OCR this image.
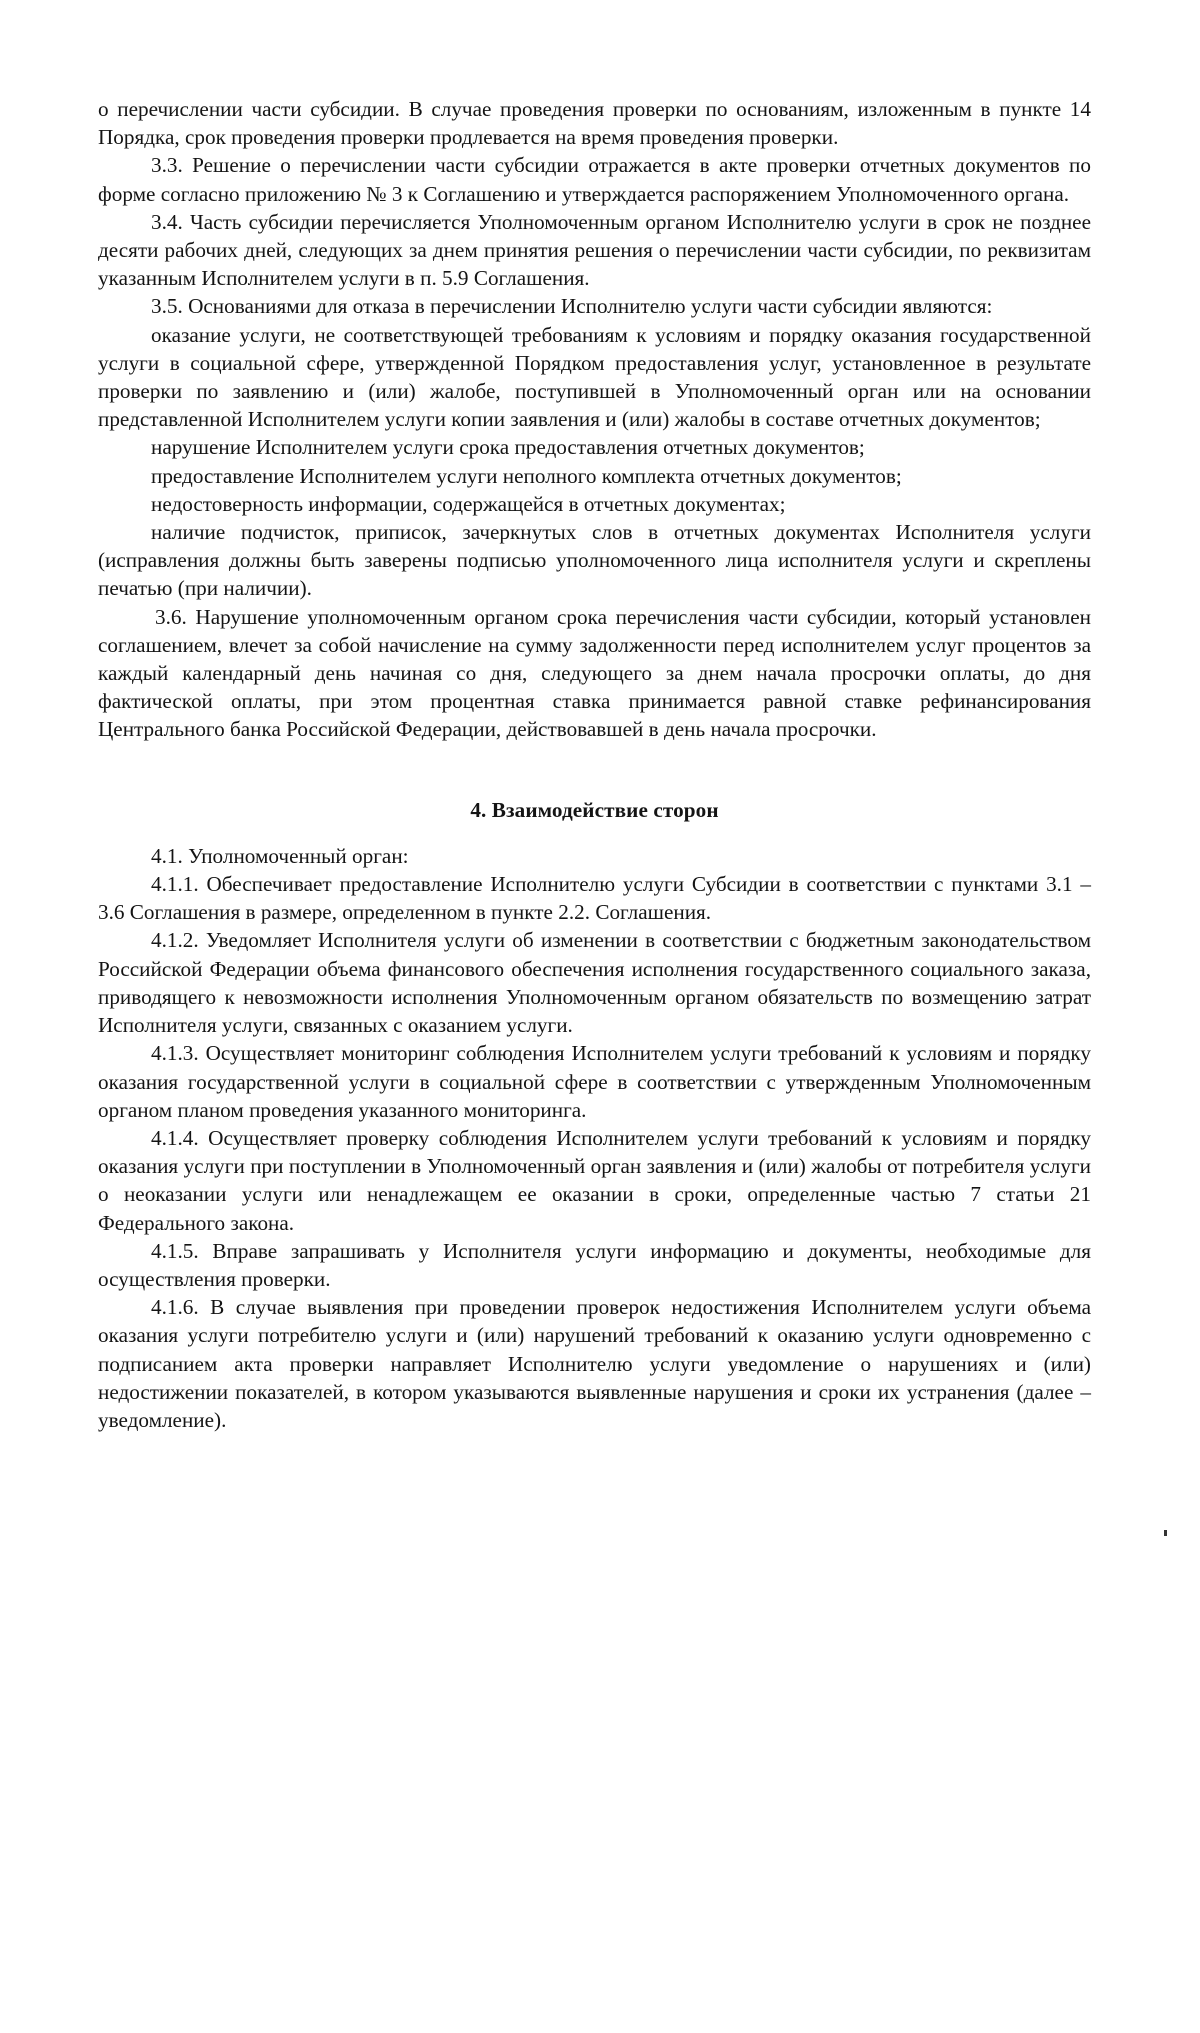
о перечислении части субсидии. В случае проведения проверки по основаниям, изложенным в пункте 14 Порядка, срок проведения проверки продлевается на время проведения проверки.

3.3. Решение о перечислении части субсидии отражается в акте проверки отчетных документов по форме согласно приложению № 3 к Соглашению и утверждается распоряжением Уполномоченного органа.

3.4. Часть субсидии перечисляется Уполномоченным органом Исполнителю услуги в срок не позднее десяти рабочих дней, следующих за днем принятия решения о перечислении части субсидии, по реквизитам указанным Исполнителем услуги в п. 5.9 Соглашения.

3.5. Основаниями для отказа в перечислении Исполнителю услуги части субсидии являются:

оказание услуги, не соответствующей требованиям к условиям и порядку оказания государственной услуги в социальной сфере, утвержденной Порядком предоставления услуг, установленное в результате проверки по заявлению и (или) жалобе, поступившей в Уполномоченный орган или на основании представленной Исполнителем услуги копии заявления и (или) жалобы в составе отчетных документов;

нарушение Исполнителем услуги срока предоставления отчетных документов;

предоставление Исполнителем услуги неполного комплекта отчетных документов;

недостоверность информации, содержащейся в отчетных документах;

наличие подчисток, приписок, зачеркнутых слов в отчетных документах Исполнителя услуги (исправления должны быть заверены подписью уполномоченного лица исполнителя услуги и скреплены печатью (при наличии).

3.6. Нарушение уполномоченным органом срока перечисления части субсидии, который установлен соглашением, влечет за собой начисление на сумму задолженности перед исполнителем услуг процентов за каждый календарный день начиная со дня, следующего за днем начала просрочки оплаты, до дня фактической оплаты, при этом процентная ставка принимается равной ставке рефинансирования Центрального банка Российской Федерации, действовавшей в день начала просрочки.

4. Взаимодействие сторон

4.1. Уполномоченный орган:

4.1.1. Обеспечивает предоставление Исполнителю услуги Субсидии в соответствии с пунктами 3.1 – 3.6 Соглашения в размере, определенном в пункте 2.2. Соглашения.

4.1.2. Уведомляет Исполнителя услуги об изменении в соответствии с бюджетным законодательством Российской Федерации объема финансового обеспечения исполнения государственного социального заказа, приводящего к невозможности исполнения Уполномоченным органом обязательств по возмещению затрат Исполнителя услуги, связанных с оказанием услуги.

4.1.3. Осуществляет мониторинг соблюдения Исполнителем услуги требований к условиям и порядку оказания государственной услуги в социальной сфере в соответствии с утвержденным Уполномоченным органом планом проведения указанного мониторинга.

4.1.4. Осуществляет проверку соблюдения Исполнителем услуги требований к условиям и порядку оказания услуги при поступлении в Уполномоченный орган заявления и (или) жалобы от потребителя услуги о неоказании услуги или ненадлежащем ее оказании в сроки, определенные частью 7 статьи 21 Федерального закона.

4.1.5. Вправе запрашивать у Исполнителя услуги информацию и документы, необходимые для осуществления проверки.

4.1.6. В случае выявления при проведении проверок недостижения Исполнителем услуги объема оказания услуги потребителю услуги и (или) нарушений требований к оказанию услуги одновременно с подписанием акта проверки направляет Исполнителю услуги уведомление о нарушениях и (или) недостижении показателей, в котором указываются выявленные нарушения и сроки их устранения (далее – уведомление).
